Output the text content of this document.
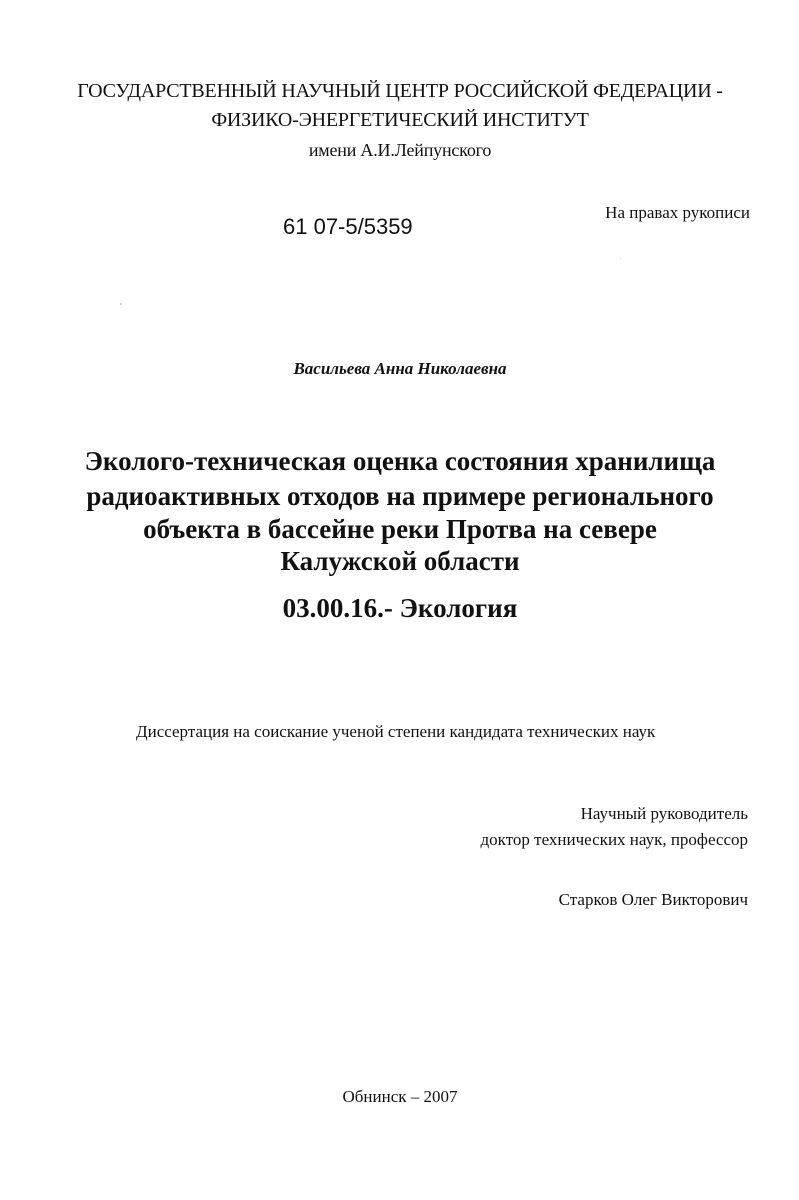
ГОСУДАРСТВЕННЫЙ НАУЧНЫЙ ЦЕНТР РОССИЙСКОЙ ФЕДЕРАЦИИ -
ФИЗИКО-ЭНЕРГЕТИЧЕСКИЙ ИНСТИТУТ
имени А.И.Лейпунского
61 07-5/5359
На правах рукописи
Васильева Анна Николаевна
Эколого-техническая оценка состояния хранилища
радиоактивных отходов на примере регионального
объекта в бассейне реки Протва на севере
Калужской области
03.00.16.- Экология
Диссертация на соискание ученой степени кандидата технических наук
Научный руководитель
доктор технических наук, профессор
Старков Олег Викторович
Обнинск – 2007
